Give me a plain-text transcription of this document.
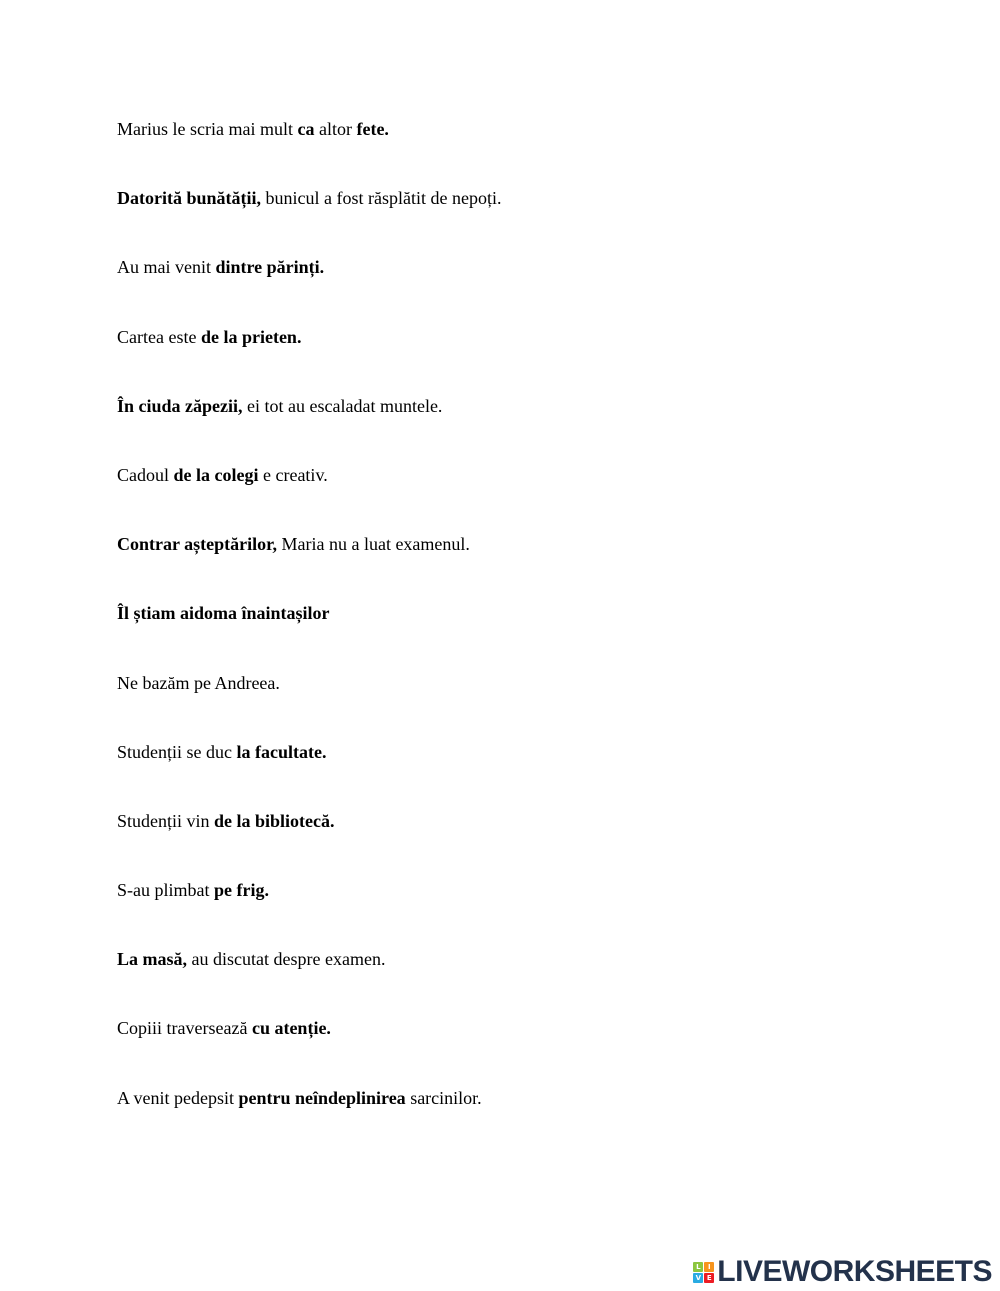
Marius le scria mai mult ca altor fete.
Datorită bunătății, bunicul a fost răsplătit de nepoți.
Au mai venit dintre părinți.
Cartea este de la prieten.
În ciuda zăpezii, ei tot au escaladat muntele.
Cadoul de la colegi e creativ.
Contrar așteptărilor, Maria nu a luat examenul.
Îl știam aidoma înaintașilor
Ne bazăm pe Andreea.
Studenții se duc la facultate.
Studenții vin de la bibliotecă.
S-au plimbat pe frig.
La masă, au discutat despre examen.
Copiii traversează cu atenție.
A venit pedepsit pentru neîndeplinirea sarcinilor.
L	I
V E LIVEWORKSHEETS
